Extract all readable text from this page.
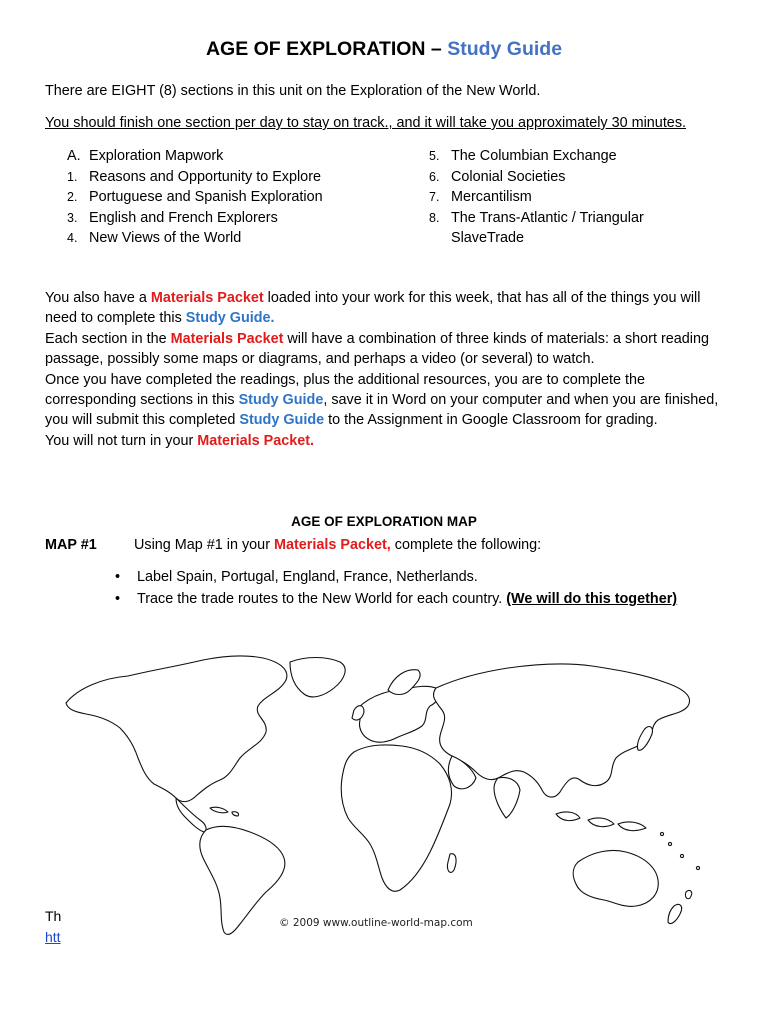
AGE OF EXPLORATION – Study Guide
There are EIGHT (8) sections in this unit on the Exploration of the New World.
You should finish one section per day to stay on track., and it will take you approximately 30 minutes.
A. Exploration Mapwork
1. Reasons and Opportunity to Explore
2. Portuguese and Spanish Exploration
3. English and French Explorers
4. New Views of the World
5. The Columbian Exchange
6. Colonial Societies
7. Mercantilism
8. The Trans-Atlantic / Triangular
SlaveTrade
You also have a Materials Packet loaded into your work for this week, that has all of the things you will need to complete this Study Guide.
Each section in the Materials Packet will have a combination of three kinds of materials: a short reading passage, possibly some maps or diagrams, and perhaps a video (or several) to watch.
Once you have completed the readings, plus the additional resources, you are to complete the corresponding sections in this Study Guide, save it in Word on your computer and when you are finished, you will submit this completed Study Guide to the Assignment in Google Classroom for grading.
You will not turn in your Materials Packet.
AGE OF EXPLORATION MAP
MAP #1	Using Map #1 in your Materials Packet, complete the following:
• Label Spain, Portugal, England, France, Netherlands.
• Trace the trade routes to the New World for each country. (We will do this together)
Th
htt
© 2009 www.outline-world-map.com
